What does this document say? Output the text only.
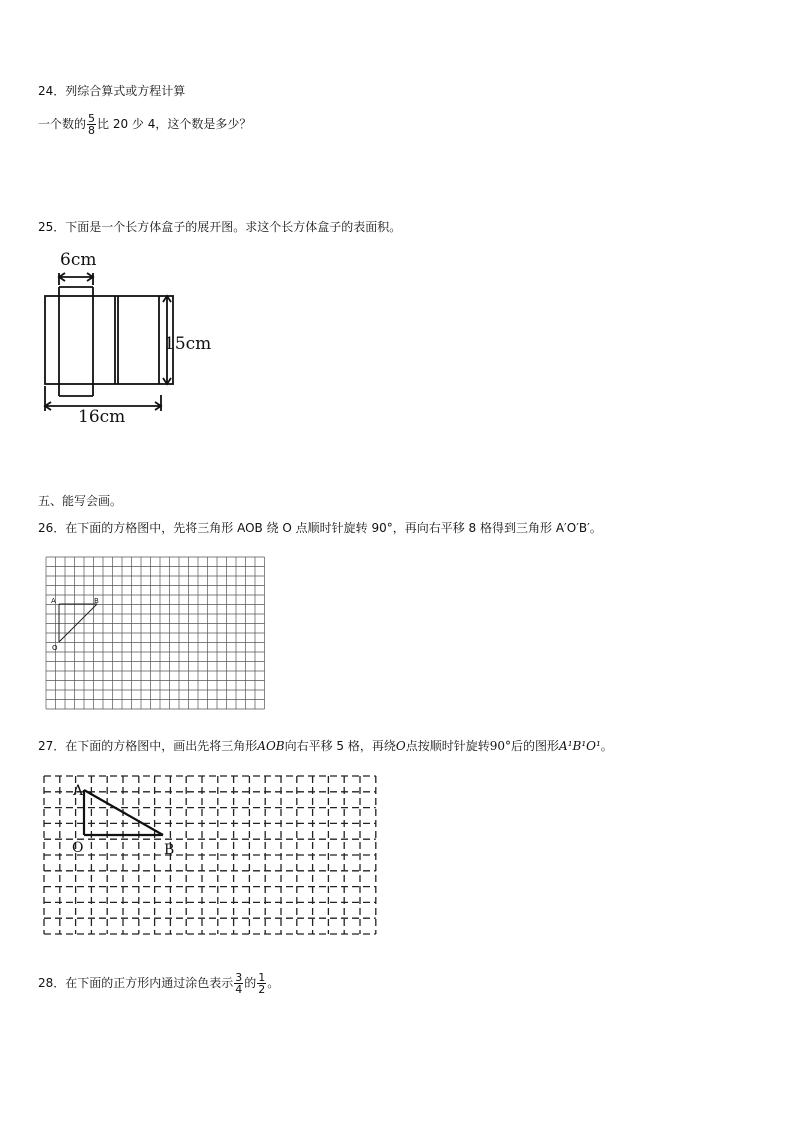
24．列综合算式或方程计算
一个数的 $\frac{5}{8}$ 比 20 少 4，这个数是多少？
25．下面是一个长方体盒子的展开图。求这个长方体盒子的表面积。
6cm
15cm
16cm
五、能写会画。
26．在下面的方格图中，先将三角形 AOB 绕 O 点顺时针旋转 90°，再向右平移 8 格得到三角形 A′O′B′。
A	B
O
27．在下面的方格图中，画出先将三角形AOB向右平移 5 格，再绕O点按顺时针旋转90°后的图形A¹B¹O¹。
A
O	B
28．在下面的正方形内通过涂色表示 $\frac{3}{4}$ 的 $\frac{1}{2}$ 。
